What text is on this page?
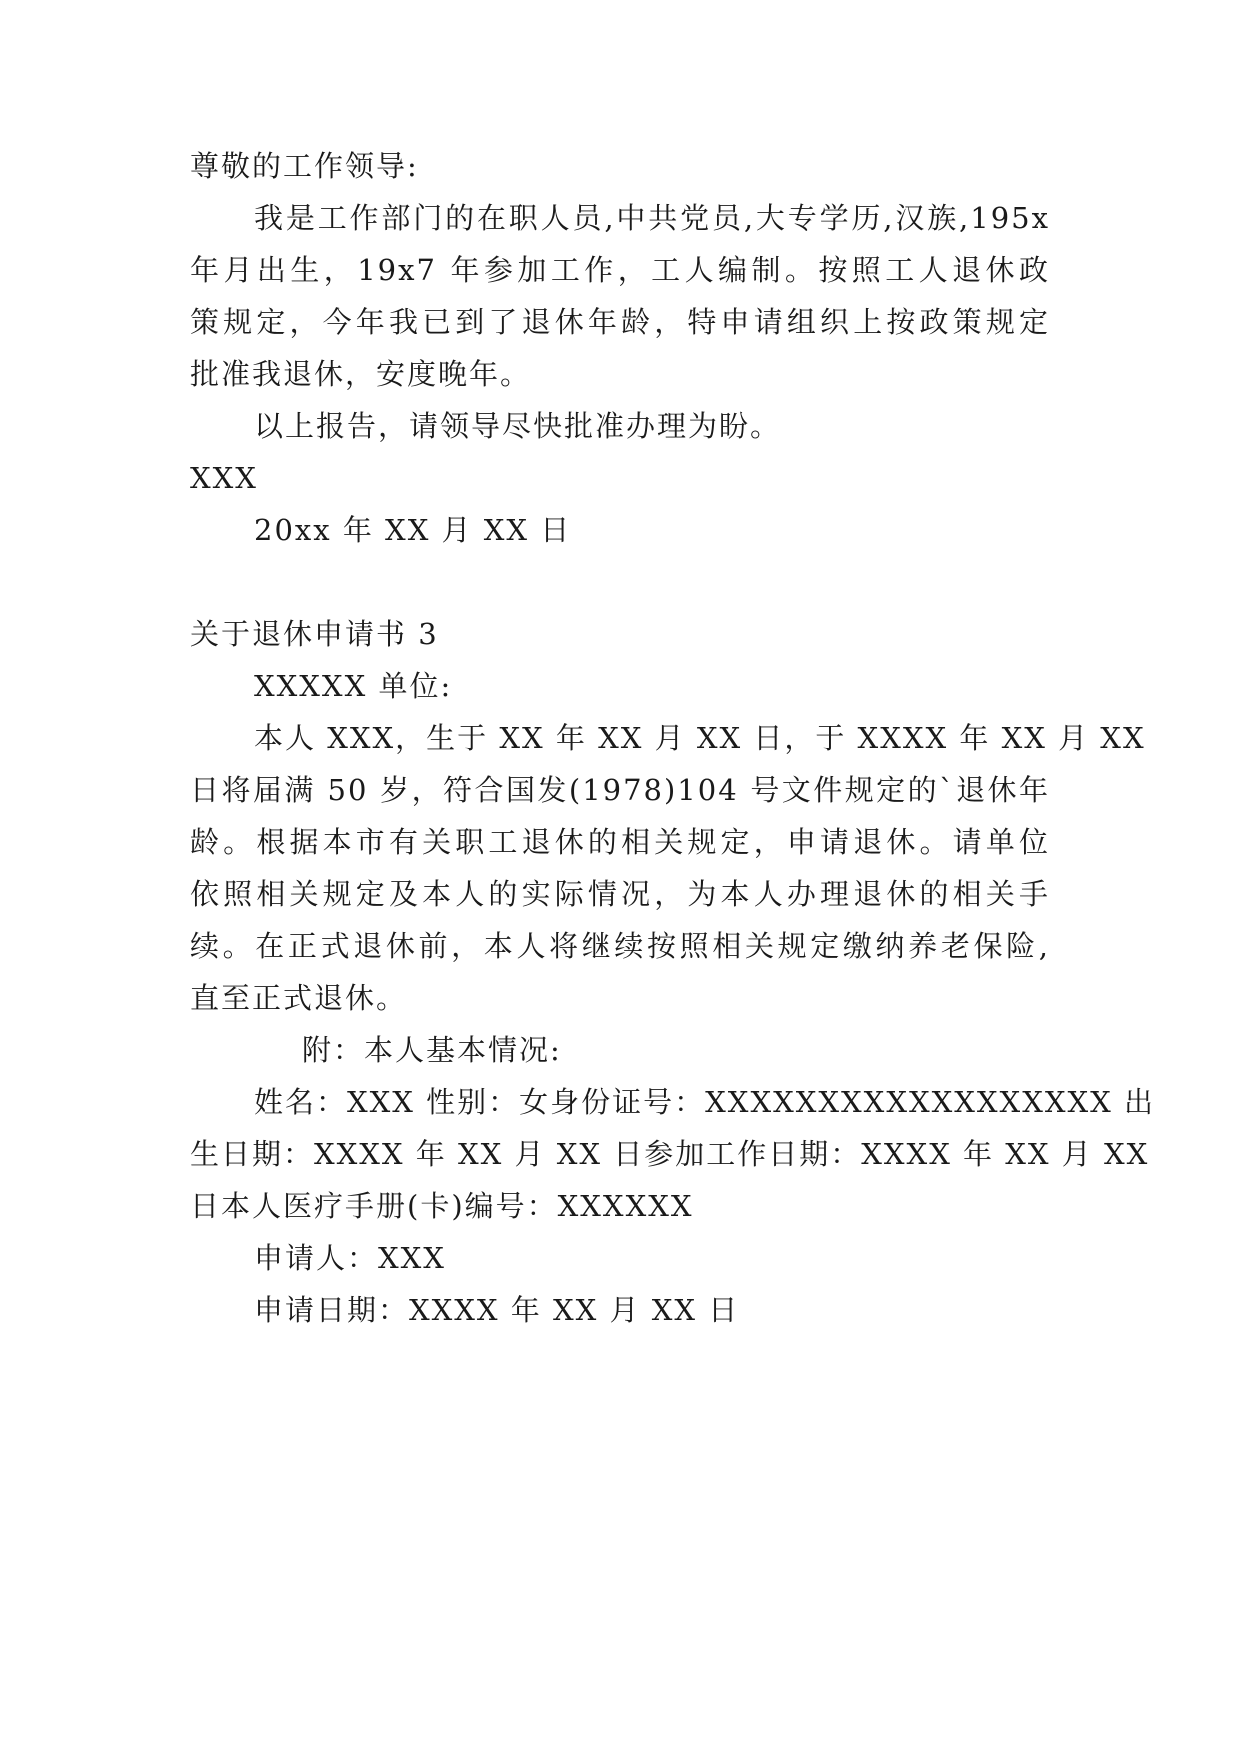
尊敬的工作领导:
我是工作部门的在职人员,中共党员,大专学历,汉族,195x
年月出生，19x7 年参加工作，工人编制。按照工人退休政
策规定，今年我已到了退休年龄，特申请组织上按政策规定
批准我退休，安度晚年。
以上报告，请领导尽快批准办理为盼。
XXX
20xx 年 XX 月 XX 日
关于退休申请书 3
XXXXX 单位:
本人 XXX，生于 XX 年 XX 月 XX 日，于 XXXX 年 XX 月 XX
日将届满 50 岁，符合国发(1978)104 号文件规定的`退休年
龄。根据本市有关职工退休的相关规定，申请退休。请单位
依照相关规定及本人的实际情况，为本人办理退休的相关手
续。在正式退休前，本人将继续按照相关规定缴纳养老保险,
直至正式退休。
附：本人基本情况:
姓名：XXX 性别：女身份证号：XXXXXXXXXXXXXXXXXX 出
生日期：XXXX 年 XX 月 XX 日参加工作日期：XXXX 年 XX 月 XX
日本人医疗手册(卡)编号：XXXXXX
申请人：XXX
申请日期：XXXX 年 XX 月 XX 日
